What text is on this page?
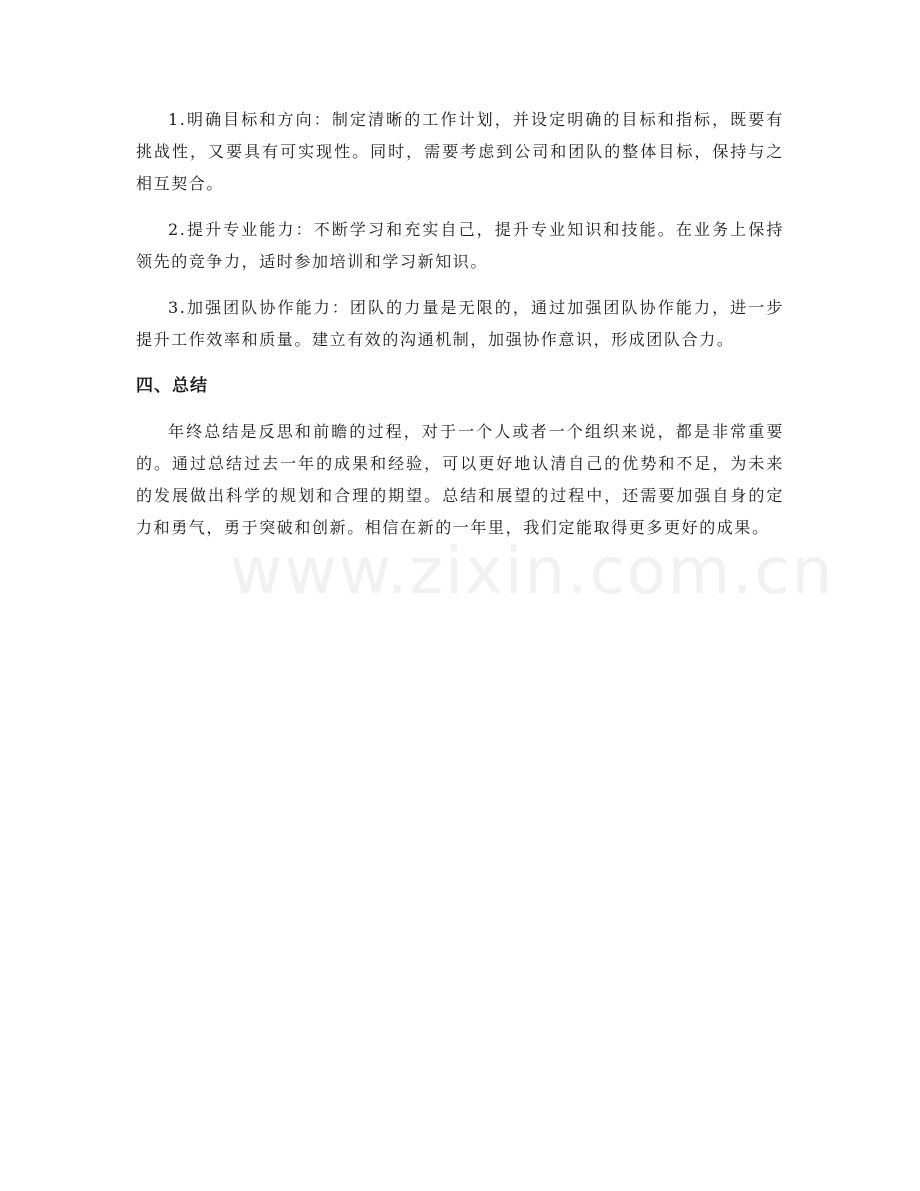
1.明确目标和方向：制定清晰的工作计划，并设定明确的目标和指标，既要有挑战性，又要具有可实现性。同时，需要考虑到公司和团队的整体目标，保持与之相互契合。

2.提升专业能力：不断学习和充实自己，提升专业知识和技能。在业务上保持领先的竞争力，适时参加培训和学习新知识。

3.加强团队协作能力：团队的力量是无限的，通过加强团队协作能力，进一步提升工作效率和质量。建立有效的沟通机制，加强协作意识，形成团队合力。

四、总结

年终总结是反思和前瞻的过程，对于一个人或者一个组织来说，都是非常重要的。通过总结过去一年的成果和经验，可以更好地认清自己的优势和不足，为未来的发展做出科学的规划和合理的期望。总结和展望的过程中，还需要加强自身的定力和勇气，勇于突破和创新。相信在新的一年里，我们定能取得更多更好的成果。

www.zixin.com.cn
